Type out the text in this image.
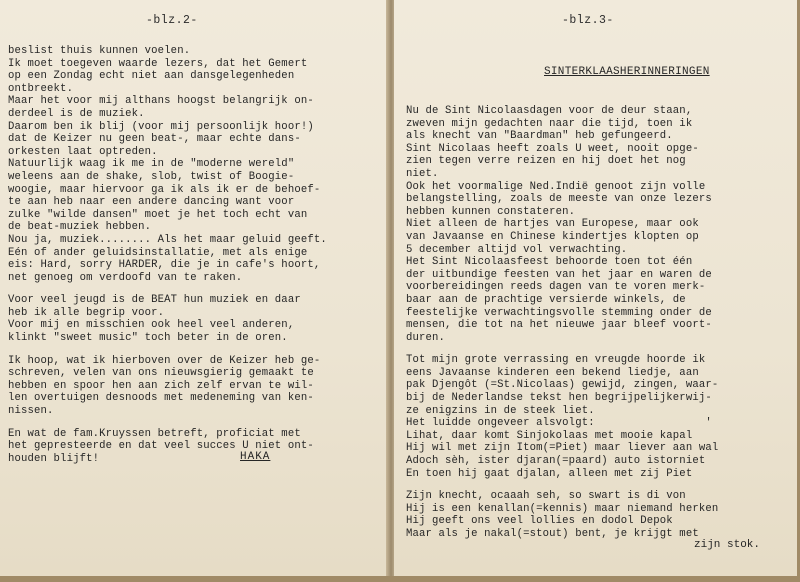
-blz.2-
beslist thuis kunnen voelen.
Ik moet toegeven waarde lezers, dat het Gemert
op een Zondag echt niet aan dansgelegenheden
ontbreekt.
Maar het voor mij althans hoogst belangrijk on-
derdeel is de muziek.
Daarom ben ik blij (voor mij persoonlijk hoor!)
dat de Keizer nu geen beat-, maar echte dans-
orkesten laat optreden.
Natuurlijk waag ik me in de "moderne wereld"
weleens aan de shake, slob, twist of Boogie-
woogie, maar hiervoor ga ik als ik er de behoef-
te aan heb naar een andere dancing want voor
zulke "wilde dansen" moet je het toch echt van
de beat-muziek hebben.
Nou ja, muziek........ Als het maar geluid geeft.
Eén of ander geluidsinstallatie, met als enige
eis: Hard, sorry HARDER, die je in cafe's hoort,
net genoeg om verdoofd van te raken.
Voor veel jeugd is de BEAT hun muziek en daar
heb ik alle begrip voor.
Voor mij en misschien ook heel veel anderen,
klinkt "sweet music" toch beter in de oren.
Ik hoop, wat ik hierboven over de Keizer heb ge-
schreven, velen van ons nieuwsgierig gemaakt te
hebben en spoor hen aan zich zelf ervan te wil-
len overtuigen desnoods met medeneming van ken-
nissen.
En wat de fam.Kruyssen betreft, proficiat met
het gepresteerde en dat veel succes U niet ont-
houden blijft!	HAKA
-blz.3-
SINTERKLAASHERINNERINGEN
Nu de Sint Nicolaasdagen voor de deur staan,
zweven mijn gedachten naar die tijd, toen ik
als knecht van "Baardman" heb gefungeerd.
Sint Nicolaas heeft zoals U weet, nooit opge-
zien tegen verre reizen en hij doet het nog
niet.
Ook het voormalige Ned.Indië genoot zijn volle
belangstelling, zoals de meeste van onze lezers
hebben kunnen constateren.
Niet alleen de hartjes van Europese, maar ook
van Javaanse en Chinese kindertjes klopten op
5 december altijd vol verwachting.
Het Sint Nicolaasfeest behoorde toen tot één
der uitbundige feesten van het jaar en waren de
voorbereidingen reeds dagen van te voren merk-
baar aan de prachtige versierde winkels, de
feestelijke verwachtingsvolle stemming onder de
mensen, die tot na het nieuwe jaar bleef voort-
duren.
Tot mijn grote verrassing en vreugde hoorde ik
eens Javaanse kinderen een bekend liedje, aan
pak Djengôt (=St.Nicolaas) gewijd, zingen, waar-
bij de Nederlandse tekst hen begrijpelijkerwij-
ze enigzins in de steek liet.
Het luidde ongeveer alsvolgt:                 '
Lihat, daar komt Sinjokolaas met mooie kapal
Hij wil met zijn Itom(=Piet) maar liever aan wal
Adoch sèh, ister djaran(=paard) auto istorniet
En toen hij gaat djalan, alleen met zij Piet
Zijn knecht, ocaaah seh, so swart is di von
Hij is een kenallan(=kennis) maar niemand herken
Hij geeft ons veel lollies en dodol Depok
Maar als je nakal(=stout) bent, je krijgt met
zijn stok.
